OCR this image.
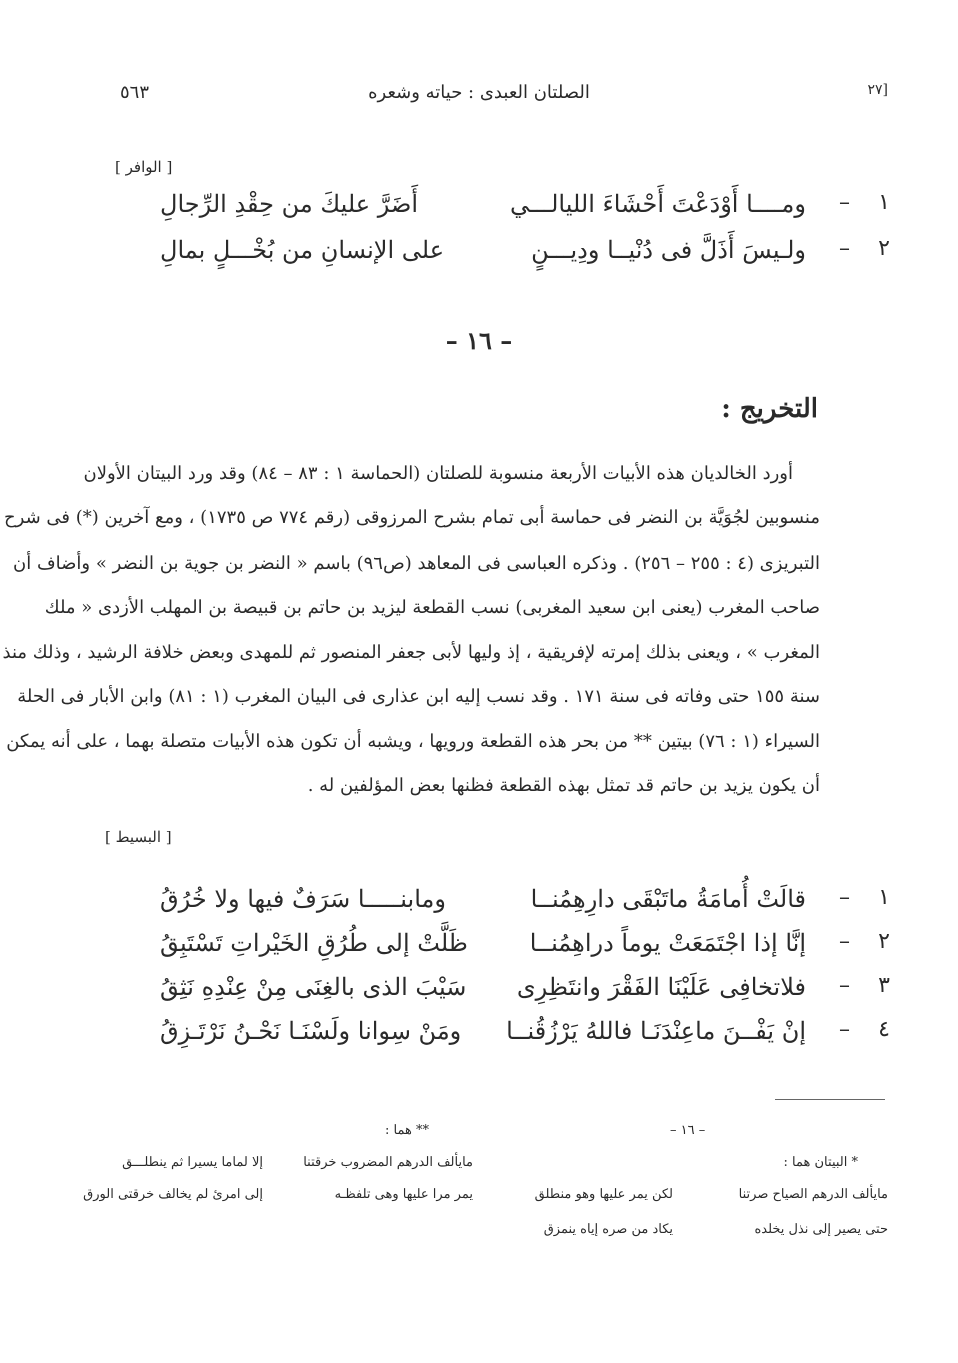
٥٦٣	الصلتان العبدى : حياته وشعره	[٢٧
[ الوافر ]
١
–
ومــــا أَوْدَعْتَ أَحْشَاءَ الليالـــي
أَضَرَّ عليكَ من حِقْدِ الرِّجالِ
٢
–
ولـيسَ أَذَلَّ فى دُنْيــا ودِيـــنٍ
على الإنسانِ من بُخْـــلٍ بمالِ
– ١٦ –
التخريج :
أورد الخالديان هذه الأبيات الأربعة منسوبة للصلتان (الحماسة ١ : ٨٣ – ٨٤) وقد ورد البيتان الأولان
منسوبين لجُوَيَّة بن النضر فى حماسة أبى تمام بشرح المرزوقى (رقم ٧٧٤ ص ١٧٣٥) ، ومع آخرين (*) فى شرح
التبريزى (٤ : ٢٥٥ – ٢٥٦) . وذكره العباسى فى المعاهد (ص٩٦) باسم « النضر بن جوية بن النضر » وأضاف أن
صاحب المغرب (يعنى ابن سعيد المغربى) نسب القطعة ليزيد بن حاتم بن قبيصة بن المهلب الأزدى « ملك
المغرب » ، ويعنى بذلك إمرته لإفريقية ، إذ وليها لأبى جعفر المنصور ثم للمهدى وبعض خلافة الرشيد ، وذلك منذ
سنة ١٥٥ حتى وفاته فى سنة ١٧١ . وقد نسب إليه ابن عذارى فى البيان المغرب (١ : ٨١) وابن الأبار فى الحلة
السيراء (١ : ٧٦) بيتين ** من بحر هذه القطعة ورويها ، ويشبه أن تكون هذه الأبيات متصلة بهما ، على أنه يمكن
أن يكون يزيد بن حاتم قد تمثل بهذه القطعة فظنها بعض المؤلفين له .
[ البسيط ]
١
–
قالَتْ أُمامَةُ ماتَبْقَى دارِهِمُنــا
ومابنـــــا سَرَفٌ فيها ولا خُرُقُ
٢
–
إنَّا إذا اجْتَمَعَتْ يوماً دراهِمُنــا
ظَلَّتْ إلى طُرُقِ الخَيْراتِ تَسْتَبِقُ
٣
–
فلاتخافِى عَلَيْنَا الفَقْرَ وانتَظِرِى
سَيْبَ الذى بالغِنَى مِنْ عِنْدِهِ نَثِقُ
٤
–
إنْ يَفْــنَ ماعِنْدَنَـا فاللهُ يَرْزُقُنــا
ومَنْ سِوانا ولَسْنَـا نَحْـنُ نَرْتَـزِقُ
– ١٦ –
** هما :
* البيتان هما :
مايألف الدرهم الصياح صرتنا
لكن يمر عليها وهو منطلق
حتى يصير إلى نذل يخلده
يكاد من صره إياه ينمزق
مايألف الدرهم المضروب خرقتنا
إلا لماما يسيرا ثم ينطلـــق
يمر مرا عليها وهى تلفظـه
إلى امرئ لم يخالف خرقتى الورق
